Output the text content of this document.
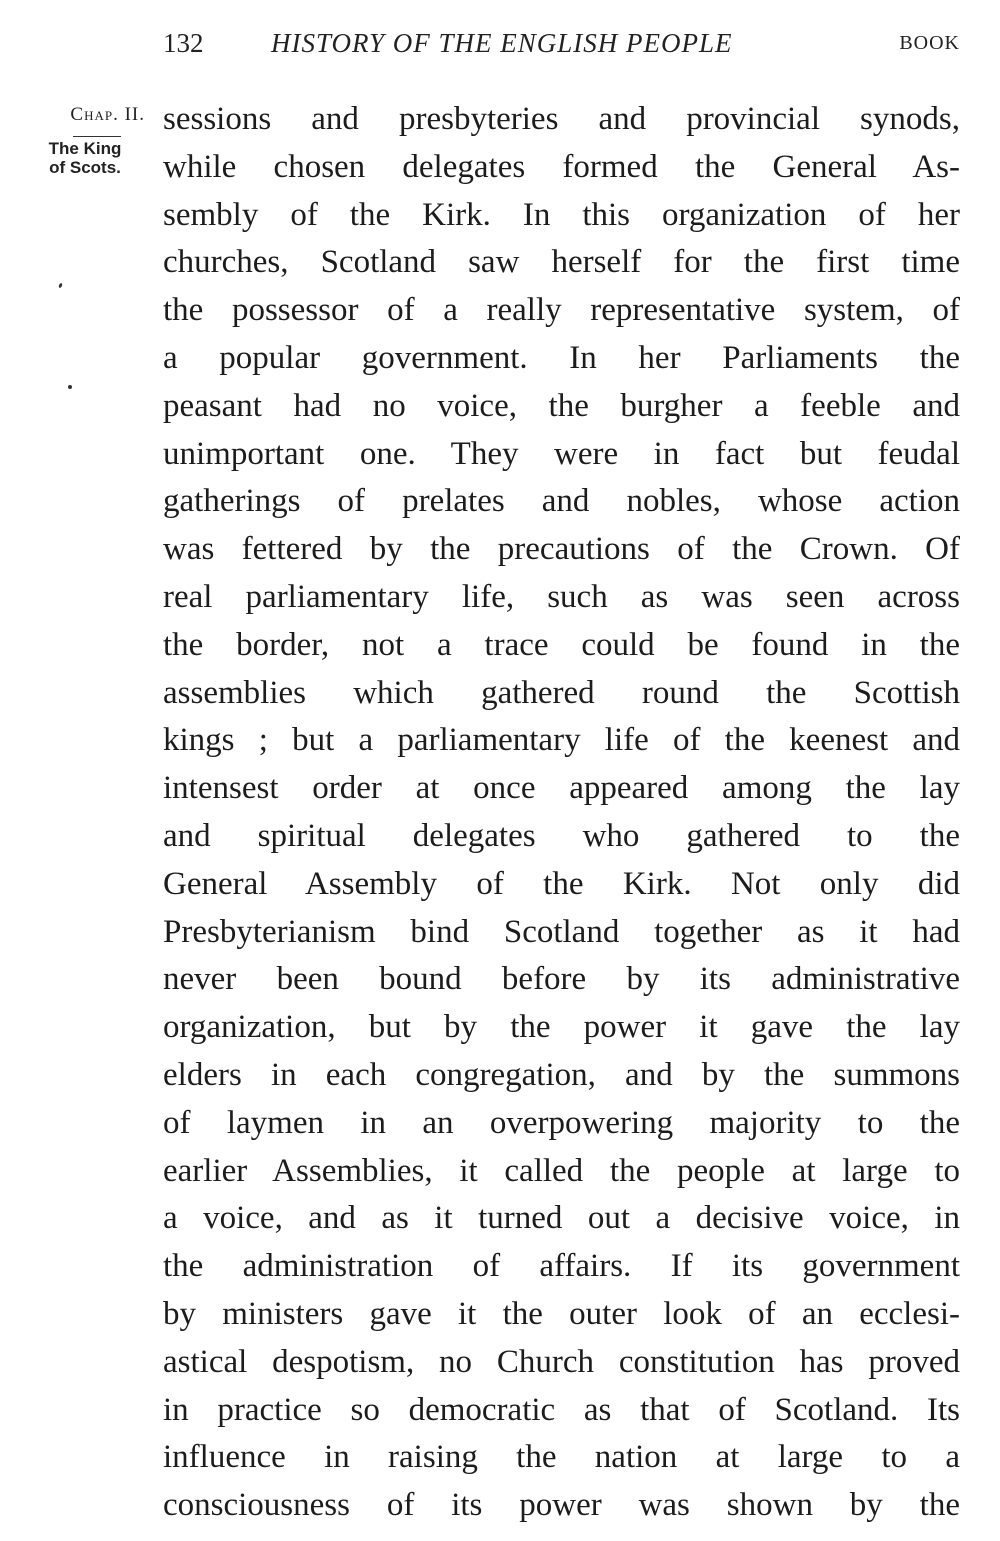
132	HISTORY OF THE ENGLISH PEOPLE	BOOK
Chap. II.
The King
of Scots.
sessions and presbyteries and provincial synods,
while chosen delegates formed the General As-
sembly of the Kirk. In this organization of her
churches, Scotland saw herself for the first time
the possessor of a really representative system, of
a popular government. In her Parliaments the
peasant had no voice, the burgher a feeble and
unimportant one. They were in fact but feudal
gatherings of prelates and nobles, whose action
was fettered by the precautions of the Crown. Of
real parliamentary life, such as was seen across
the border, not a trace could be found in the
assemblies which gathered round the Scottish
kings ; but a parliamentary life of the keenest and
intensest order at once appeared among the lay
and spiritual delegates who gathered to the
General Assembly of the Kirk. Not only did
Presbyterianism bind Scotland together as it had
never been bound before by its administrative
organization, but by the power it gave the lay
elders in each congregation, and by the summons
of laymen in an overpowering majority to the
earlier Assemblies, it called the people at large to
a voice, and as it turned out a decisive voice, in
the administration of affairs. If its government
by ministers gave it the outer look of an ecclesi-
astical despotism, no Church constitution has proved
in practice so democratic as that of Scotland. Its
influence in raising the nation at large to a
consciousness of its power was shown by the
